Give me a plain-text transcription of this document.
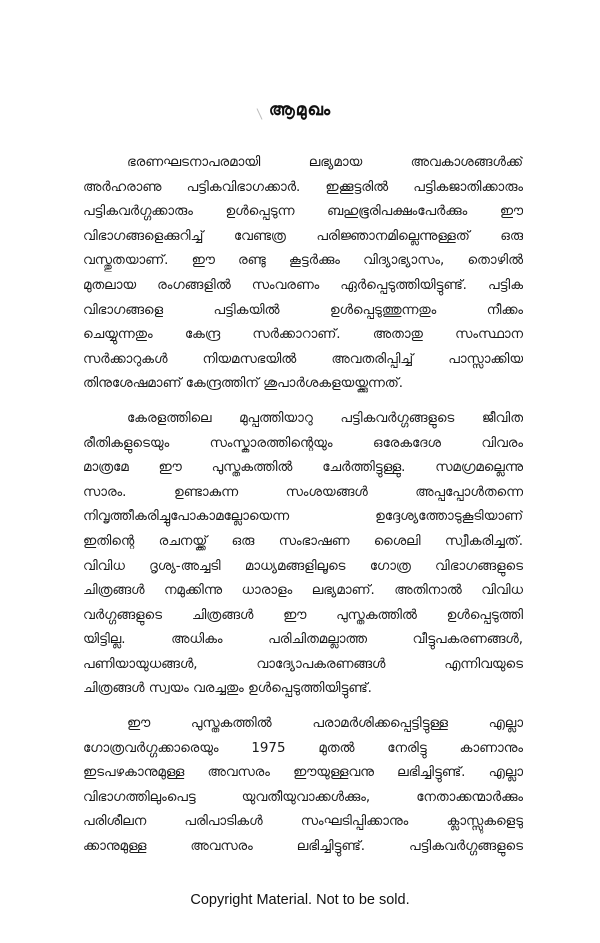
ആമുഖം
ഭരണഘടനാപരമായി ലഭ്യമായ അവകാശങ്ങൾക്ക്
അർഹരാണു പട്ടികവിഭാഗക്കാർ. ഇക്കൂട്ടരിൽ പട്ടികജാതിക്കാരും
പട്ടികവർഗ്ഗക്കാരും ഉൾപ്പെടുന്ന ബഹുഭൂരിപക്ഷംപേർക്കും ഈ
വിഭാഗങ്ങളെക്കുറിച്ച് വേണ്ടത്ര പരിജ്ഞാനമില്ലെന്നുള്ളത് ഒരു
വസ്തുതയാണ്. ഈ രണ്ടു കൂട്ടർക്കും വിദ്യാഭ്യാസം, തൊഴിൽ
മുതലായ രംഗങ്ങളിൽ സംവരണം ഏർപ്പെടുത്തിയിട്ടുണ്ട്. പട്ടിക
വിഭാഗങ്ങളെ പട്ടികയിൽ ഉൾപ്പെടുത്തുന്നതും നീക്കം
ചെയ്യുന്നതും കേന്ദ്ര സർക്കാറാണ്. അതാതു സംസ്ഥാന
സർക്കാറുകൾ നിയമസഭയിൽ അവതരിപ്പിച്ച് പാസ്സാക്കിയ
തിനുശേഷമാണ് കേന്ദ്രത്തിന് ശുപാർശകളയയ്ക്കുന്നത്.
കേരളത്തിലെ മുപ്പത്തിയാറു പട്ടികവർഗ്ഗങ്ങളുടെ ജീവിത
രീതികളുടെയും സംസ്കാരത്തിന്റെയും ഒരേകദേശ വിവരം
മാത്രമേ ഈ പുസ്തകത്തിൽ ചേർത്തിട്ടുള്ളു. സമഗ്രമല്ലെന്നു
സാരം. ഉണ്ടാകുന്ന സംശയങ്ങൾ അപ്പപ്പോൾതന്നെ
നിവൃത്തീകരിച്ചുപോകാമല്ലോയെന്ന ഉദ്ദേശ്യത്തോടുകൂടിയാണ്
ഇതിന്റെ രചനയ്ക്ക് ഒരു സംഭാഷണ ശൈലി സ്വീകരിച്ചത്.
വിവിധ ദൃശ്യ-അച്ചടി മാധ്യമങ്ങളിലൂടെ ഗോത്ര വിഭാഗങ്ങളുടെ
ചിത്രങ്ങൾ നമുക്കിന്നു ധാരാളം ലഭ്യമാണ്. അതിനാൽ വിവിധ
വർഗ്ഗങ്ങളുടെ ചിത്രങ്ങൾ ഈ പുസ്തകത്തിൽ ഉൾപ്പെടുത്തി
യിട്ടില്ല. അധികം പരിചിതമല്ലാത്ത വീട്ടുപകരണങ്ങൾ,
പണിയായുധങ്ങൾ, വാദ്യോപകരണങ്ങൾ എന്നിവയുടെ
ചിത്രങ്ങൾ സ്വയം വരച്ചതും ഉൾപ്പെടുത്തിയിട്ടുണ്ട്.
ഈ പുസ്തകത്തിൽ പരാമർശിക്കപ്പെട്ടിട്ടുള്ള എല്ലാ
ഗോത്രവർഗ്ഗക്കാരെയും 1975 മുതൽ നേരിട്ടു കാണാനും
ഇടപഴകാനുമുള്ള അവസരം ഈയുള്ളവനു ലഭിച്ചിട്ടുണ്ട്. എല്ലാ
വിഭാഗത്തിലുംപെട്ട യുവതീയുവാക്കൾക്കും, നേതാക്കന്മാർക്കും
പരിശീലന പരിപാടികൾ സംഘടിപ്പിക്കാനും ക്ലാസ്സുകളെടു
ക്കാനുമുള്ള അവസരം ലഭിച്ചിട്ടുണ്ട്. പട്ടികവർഗ്ഗങ്ങളുടെ
Copyright Material. Not to be sold.
